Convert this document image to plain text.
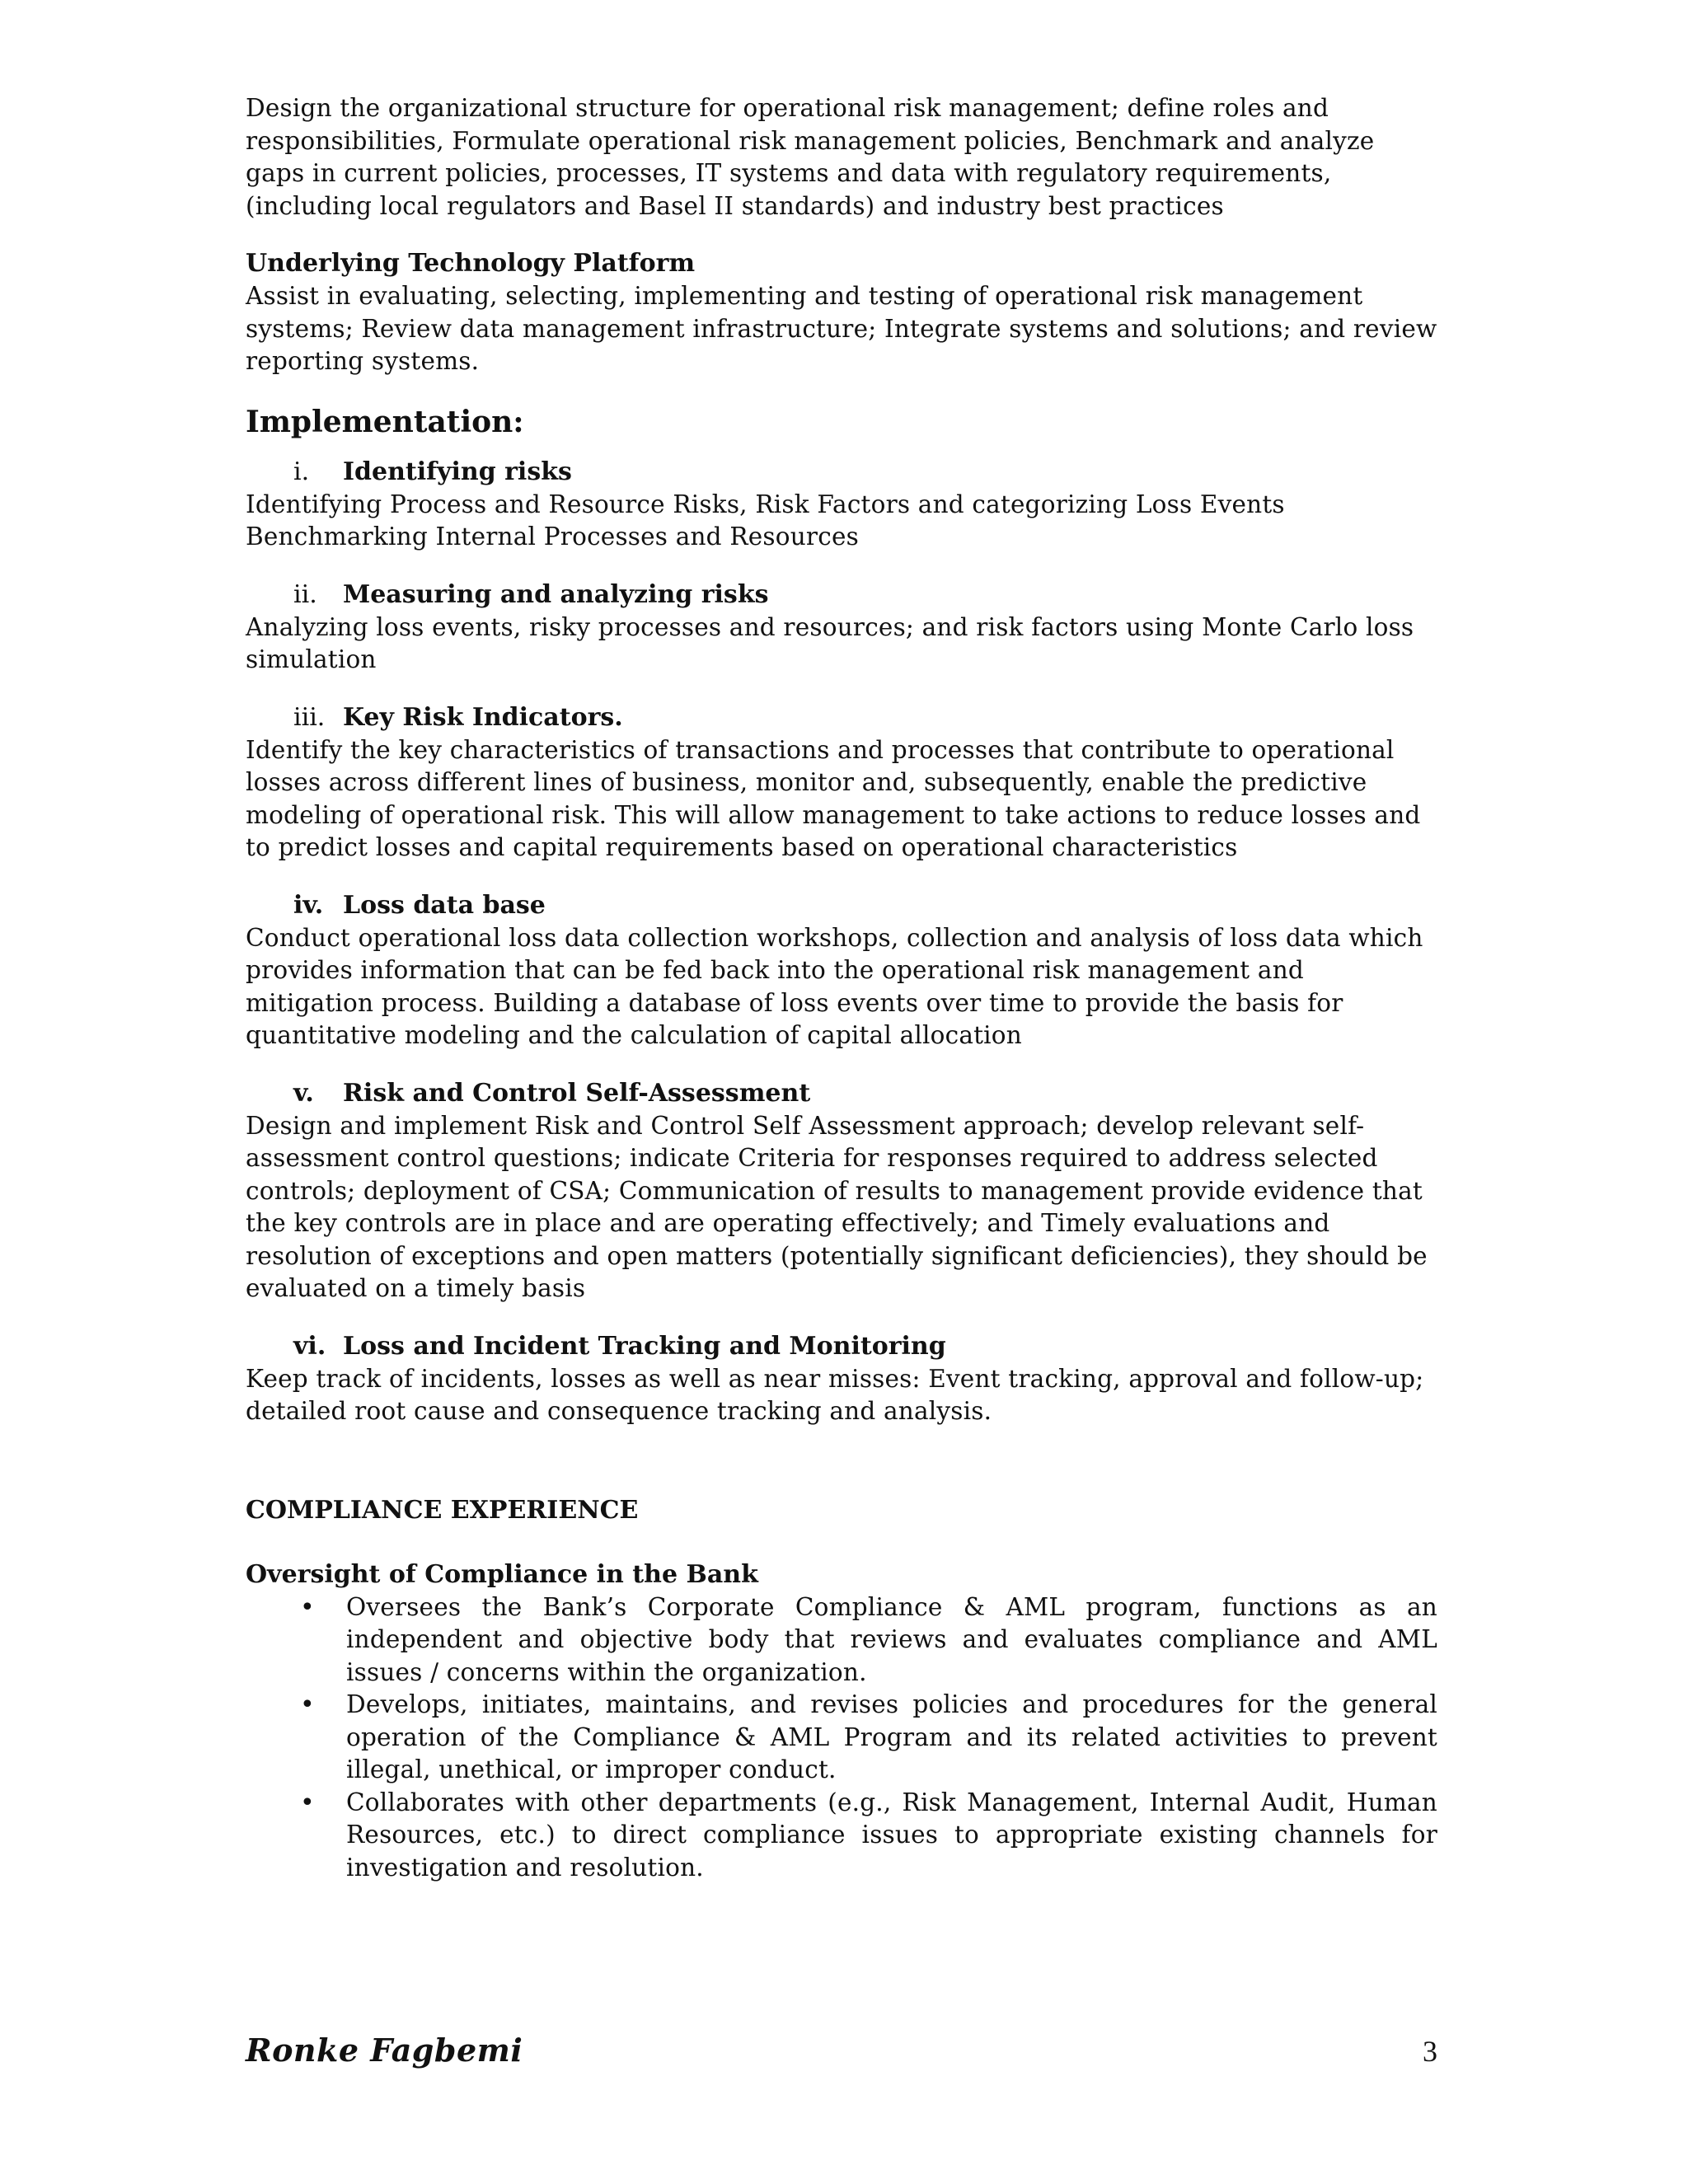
Design the organizational structure for operational risk management; define roles and responsibilities, Formulate operational risk management policies, Benchmark and analyze gaps in current policies, processes, IT systems and data with regulatory requirements, (including local regulators and Basel II standards) and industry best practices

Underlying Technology Platform

Assist in evaluating, selecting, implementing and testing of operational risk management systems; Review data management infrastructure; Integrate systems and solutions; and review reporting systems.

Implementation:
i.	Identifying risks

Identifying Process and Resource Risks, Risk Factors and categorizing Loss Events Benchmarking Internal Processes and Resources

ii.	Measuring and analyzing risks

Analyzing loss events, risky processes and resources; and risk factors using Monte Carlo loss simulation

iii. Key Risk Indicators.

Identify the key characteristics of transactions and processes that contribute to operational losses across different lines of business, monitor and, subsequently, enable the predictive modeling of operational risk. This will allow management to take actions to reduce losses and to predict losses and capital requirements based on operational characteristics

iv. Loss data base

Conduct operational loss data collection workshops, collection and analysis of loss data which provides information that can be fed back into the operational risk management and mitigation process. Building a database of loss events over time to provide the basis for quantitative modeling and the calculation of capital allocation

v.	Risk and Control Self-Assessment

Design and implement Risk and Control Self Assessment approach; develop relevant self-assessment control questions; indicate Criteria for responses required to address selected controls; deployment of CSA; Communication of results to management provide evidence that the key controls are in place and are operating effectively; and Timely evaluations and resolution of exceptions and open matters (potentially significant deficiencies), they should be evaluated on a timely basis

vi. Loss and Incident Tracking and Monitoring

Keep track of incidents, losses as well as near misses: Event tracking, approval and follow-up; detailed root cause and consequence tracking and analysis.

COMPLIANCE EXPERIENCE
Oversight of Compliance in the Bank
• Oversees the Bank’s Corporate Compliance & AML program, functions as an independent and objective body that reviews and evaluates compliance and AML issues / concerns within the organization.
• Develops, initiates, maintains, and revises policies and procedures for the general operation of the Compliance & AML Program and its related activities to prevent illegal, unethical, or improper conduct.
• Collaborates with other departments (e.g., Risk Management, Internal Audit, Human Resources, etc.) to direct compliance issues to appropriate existing channels for investigation and resolution.
Ronke Fagbemi	3
